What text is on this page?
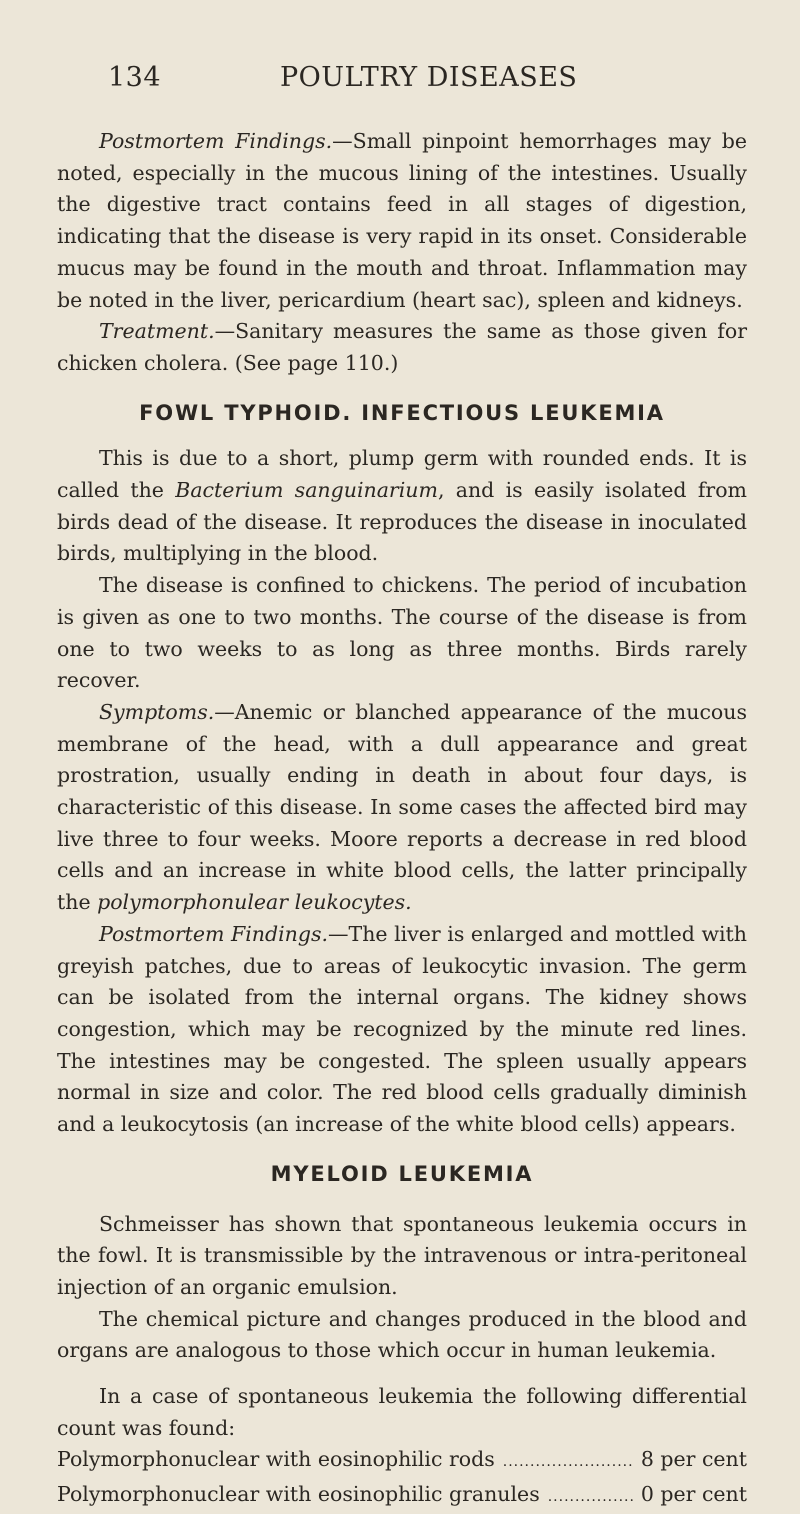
134	POULTRY DISEASES

Postmortem Findings.—Small pinpoint hemorrhages may be noted, especially in the mucous lining of the intestines. Usually the digestive tract contains feed in all stages of digestion, indicating that the disease is very rapid in its onset. Considerable mucus may be found in the mouth and throat. Inflammation may be noted in the liver, pericardium (heart sac), spleen and kidneys.

Treatment.—Sanitary measures the same as those given for chicken cholera. (See page 110.)

FOWL TYPHOID. INFECTIOUS LEUKEMIA

This is due to a short, plump germ with rounded ends. It is called the Bacterium sanguinarium, and is easily isolated from birds dead of the disease. It reproduces the disease in inoculated birds, multiplying in the blood.

The disease is confined to chickens. The period of incubation is given as one to two months. The course of the disease is from one to two weeks to as long as three months. Birds rarely recover.

Symptoms.—Anemic or blanched appearance of the mucous membrane of the head, with a dull appearance and great prostration, usually ending in death in about four days, is characteristic of this disease. In some cases the affected bird may live three to four weeks. Moore reports a decrease in red blood cells and an increase in white blood cells, the latter principally the polymorphonulear leukocytes.

Postmortem Findings.—The liver is enlarged and mottled with greyish patches, due to areas of leukocytic invasion. The germ can be isolated from the internal organs. The kidney shows congestion, which may be recognized by the minute red lines. The intestines may be congested. The spleen usually appears normal in size and color. The red blood cells gradually diminish and a leukocytosis (an increase of the white blood cells) appears.

MYELOID LEUKEMIA

Schmeisser has shown that spontaneous leukemia occurs in the fowl. It is transmissible by the intravenous or intra-peritoneal injection of an organic emulsion.

The chemical picture and changes produced in the blood and organs are analogous to those which occur in human leukemia.

In a case of spontaneous leukemia the following differential count was found:

Polymorphonuclear with eosinophilic rods .....	8 per cent
Polymorphonuclear with eosinophilic granules .....	0 per cent
